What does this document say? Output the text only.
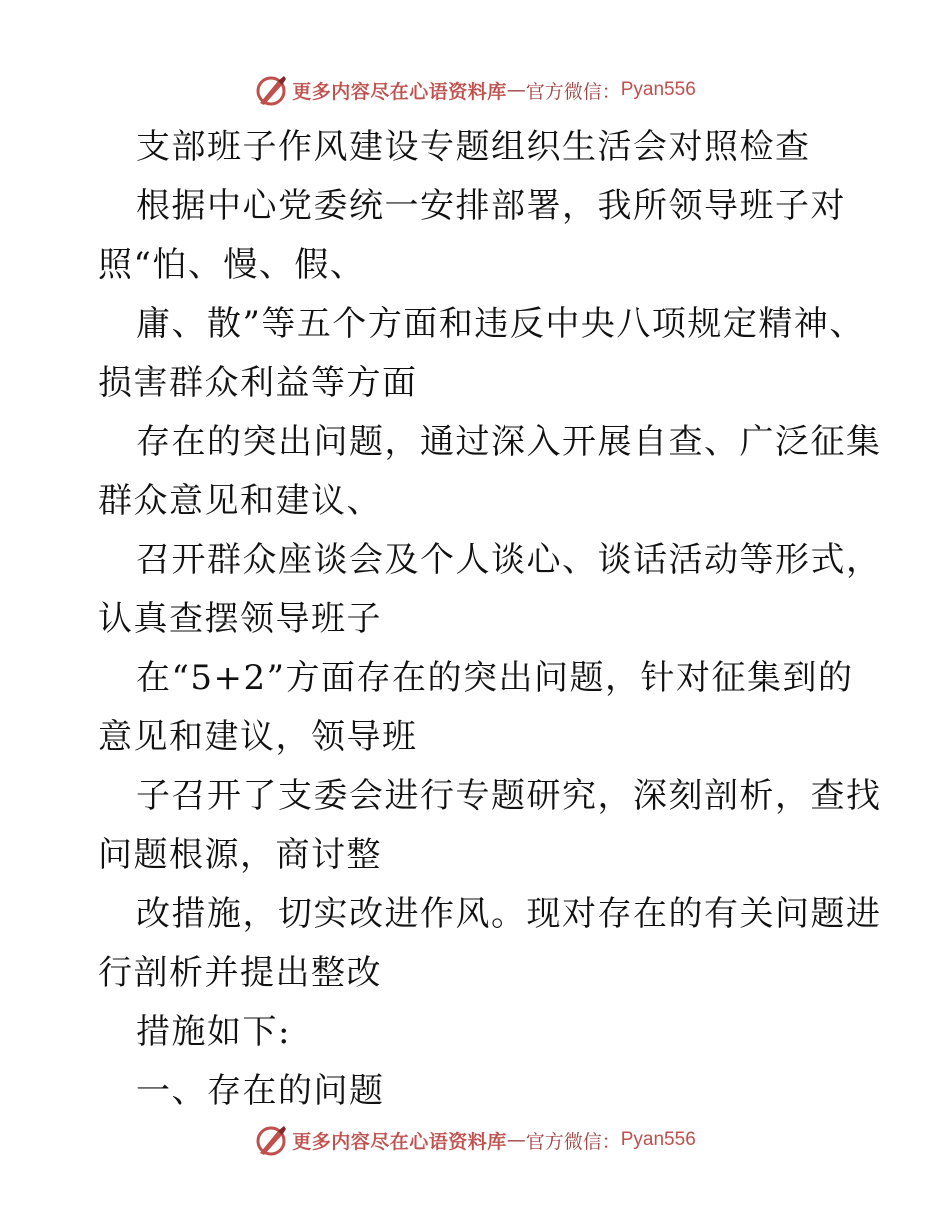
更多内容尽在心语资料库 — 官方微信： Pyan556
支部班子作风建设专题组织生活会对照检查
根据中心党委统一安排部署，我所领导班子对
照“怕、慢、假、
庸、散”等五个方面和违反中央八项规定精神、
损害群众利益等方面
存在的突出问题，通过深入开展自查、广泛征集
群众意见和建议、
召开群众座谈会及个人谈心、谈话活动等形式，
认真查摆领导班子
在“5+2”方面存在的突出问题，针对征集到的
意见和建议，领导班
子召开了支委会进行专题研究，深刻剖析，查找
问题根源，商讨整
改措施，切实改进作风。现对存在的有关问题进
行剖析并提出整改
措施如下:
一、存在的问题
更多内容尽在心语资料库 — 官方微信： Pyan556
